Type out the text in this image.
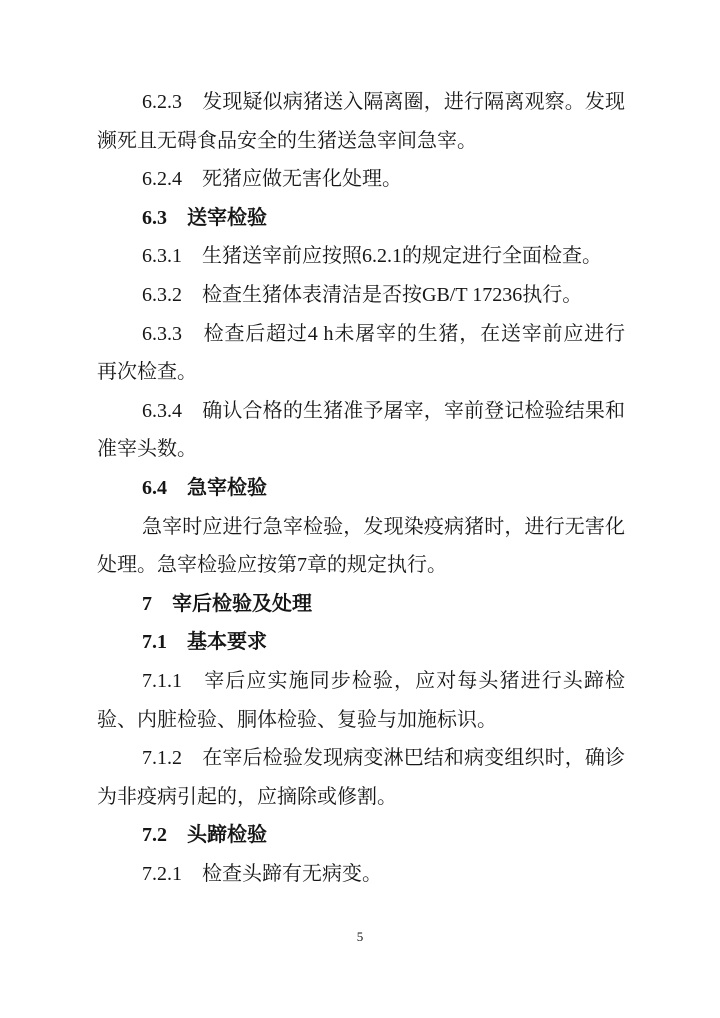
6.2.3　发现疑似病猪送入隔离圈，进行隔离观察。发现濒死且无碍食品安全的生猪送急宰间急宰。

6.2.4　死猪应做无害化处理。

6.3　送宰检验

6.3.1　生猪送宰前应按照6.2.1的规定进行全面检查。

6.3.2　检查生猪体表清洁是否按GB/T 17236执行。

6.3.3　检查后超过4 h未屠宰的生猪，在送宰前应进行再次检查。

6.3.4　确认合格的生猪准予屠宰，宰前登记检验结果和准宰头数。

6.4　急宰检验

急宰时应进行急宰检验，发现染疫病猪时，进行无害化处理。急宰检验应按第7章的规定执行。

7　宰后检验及处理

7.1　基本要求

7.1.1　宰后应实施同步检验，应对每头猪进行头蹄检验、内脏检验、胴体检验、复验与加施标识。

7.1.2　在宰后检验发现病变淋巴结和病变组织时，确诊为非疫病引起的，应摘除或修割。

7.2　头蹄检验

7.2.1　检查头蹄有无病变。

5
